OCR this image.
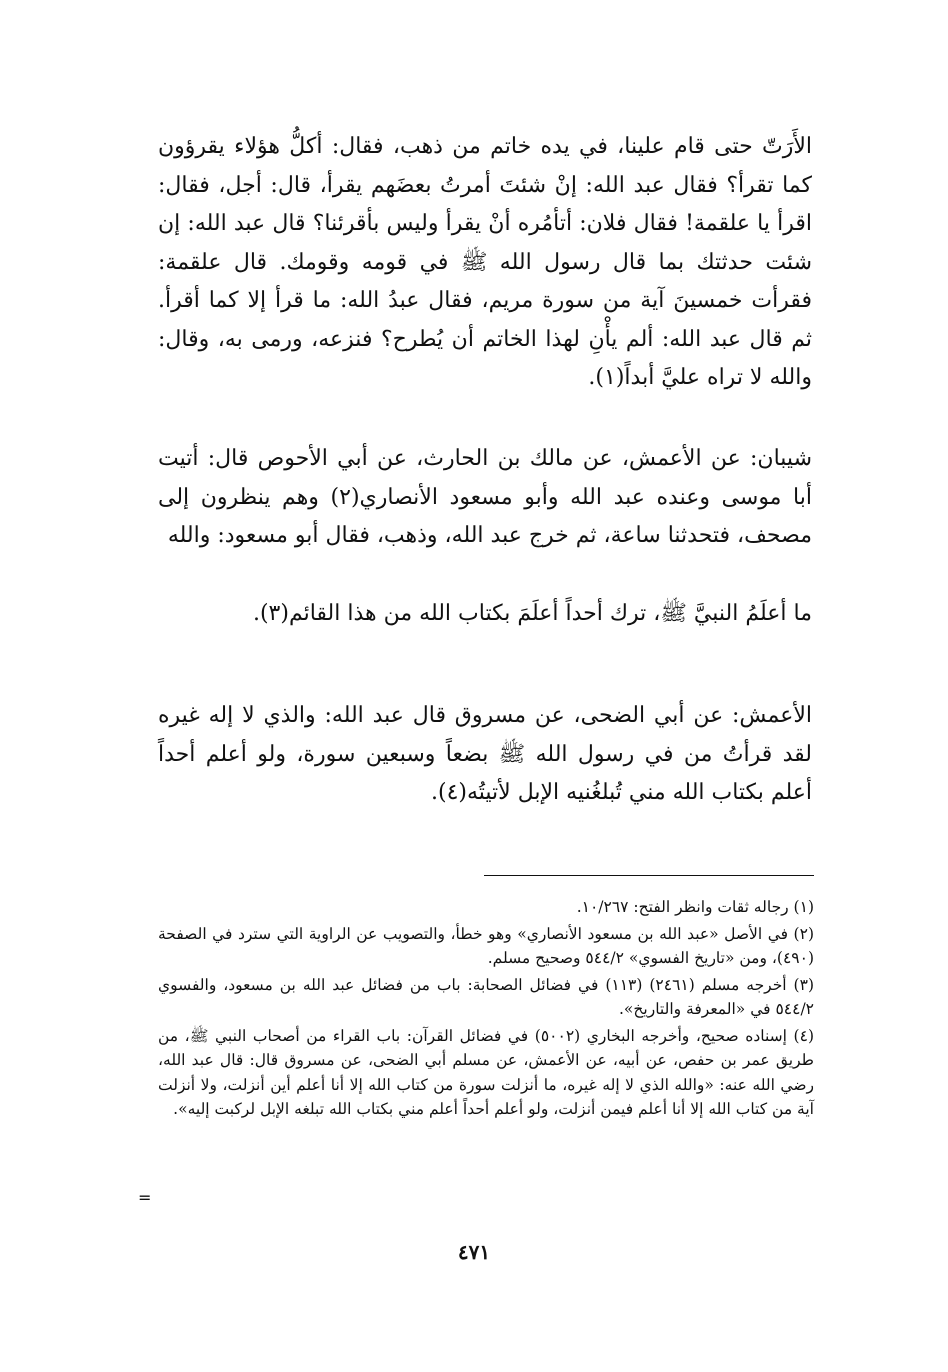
الأَرَتّ حتى قام علينا، في يده خاتم من ذهب، فقال: أكلُّ هؤلاء يقرؤون كما تقرأ؟ فقال عبد الله: إنْ شئتَ أمرتُ بعضَهم يقرأ، قال: أجل، فقال: اقرأ يا علقمة! فقال فلان: أتأمُره أنْ يقرأ وليس بأقرئنا؟ قال عبد الله: إن شئت حدثتك بما قال رسول الله ﷺ في قومه وقومك. قال علقمة: فقرأت خمسينَ آية من سورة مريم، فقال عبدُ الله: ما قرأ إلا كما أقرأ. ثم قال عبد الله: ألم يأْنِ لهذا الخاتم أن يُطرح؟ فنزعه، ورمى به، وقال: والله لا تراه عليَّ أبداً(١).
شيبان: عن الأعمش، عن مالك بن الحارث، عن أبي الأحوص قال: أتيت أبا موسى وعنده عبد الله وأبو مسعود الأنصاري(٢) وهم ينظرون إلى مصحف، فتحدثنا ساعة، ثم خرج عبد الله، وذهب، فقال أبو مسعود: والله
ما أعلَمُ النبيَّ ﷺ، ترك أحداً أعلَمَ بكتاب الله من هذا القائم(٣).
الأعمش: عن أبي الضحى، عن مسروق قال عبد الله: والذي لا إله غيره لقد قرأتُ من في رسول الله ﷺ بضعاً وسبعين سورة، ولو أعلم أحداً أعلم بكتاب الله مني تُبلغُنيه الإبل لأتيتُه(٤).
(١) رجاله ثقات وانظر الفتح: ١٠/٢٦٧.
(٢) في الأصل «عبد الله بن مسعود الأنصاري» وهو خطأ، والتصويب عن الراوية التي سترد في الصفحة (٤٩٠)، ومن «تاريخ الفسوي» ٥٤٤/٢ وصحيح مسلم.
(٣) أخرجه مسلم (٢٤٦١) (١١٣) في فضائل الصحابة: باب من فضائل عبد الله بن مسعود، والفسوي ٥٤٤/٢ في «المعرفة والتاريخ».
(٤) إسناده صحيح، وأخرجه البخاري (٥٠٠٢) في فضائل القرآن: باب القراء من أصحاب النبي ﷺ، من طريق عمر بن حفص، عن أبيه، عن الأعمش، عن مسلم أبي الضحى، عن مسروق قال: قال عبد الله، رضي الله عنه: «والله الذي لا إله غيره، ما أنزلت سورة من كتاب الله إلا أنا أعلم أين أنزلت، ولا أنزلت آية من كتاب الله إلا أنا أعلم فيمن أنزلت، ولو أعلم أحداً أعلم مني بكتاب الله تبلغه الإبل لركبت إليه».
=
٤٧١
